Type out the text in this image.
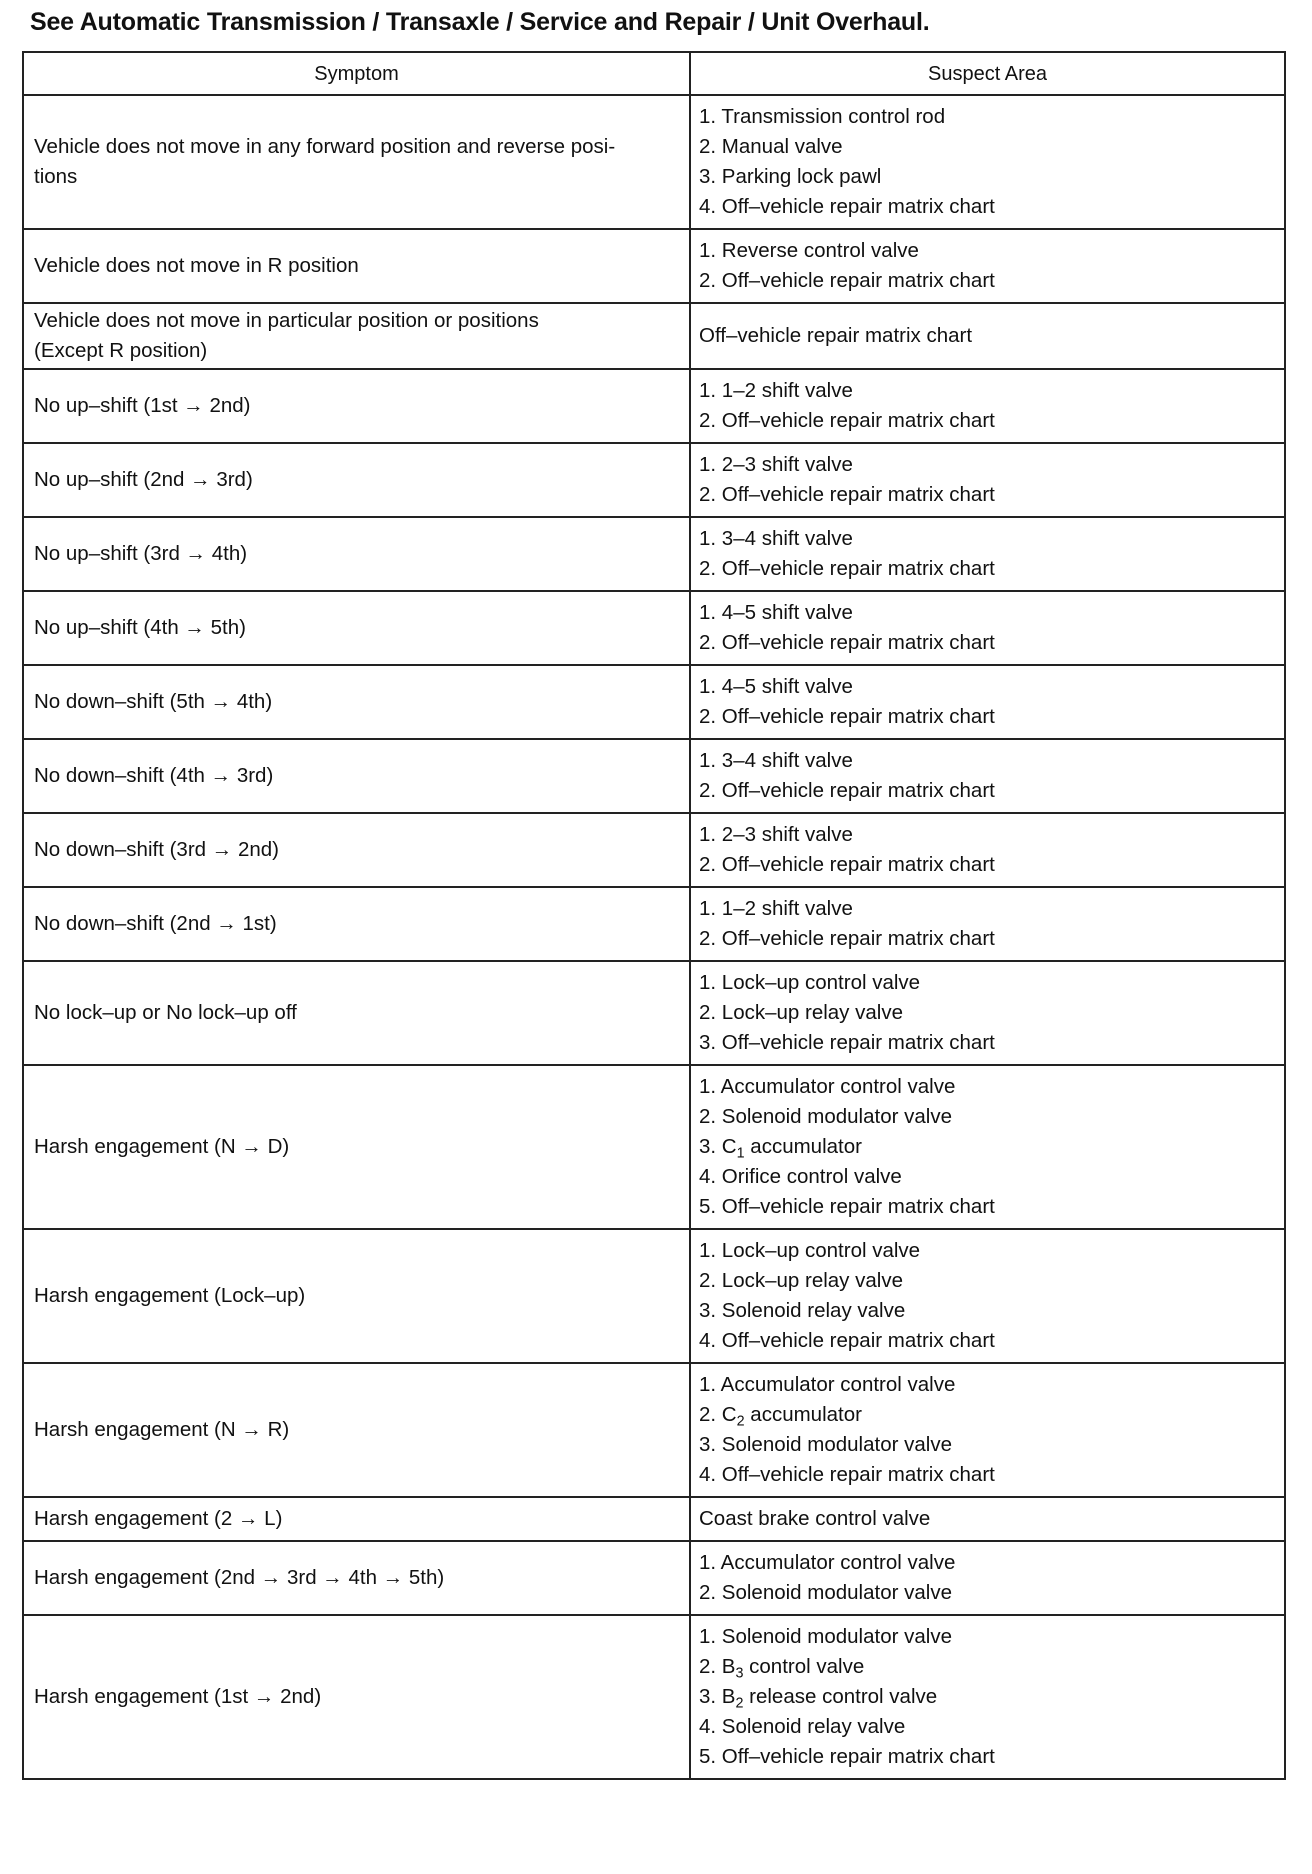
See Automatic Transmission / Transaxle / Service and Repair / Unit Overhaul.
Symptom	Suspect Area

Vehicle does not move in any forward position and reverse posi-
tions	1. Transmission control rod
2. Manual valve
3. Parking lock pawl
4. Off–vehicle repair matrix chart

Vehicle does not move in R position	1. Reverse control valve
2. Off–vehicle repair matrix chart

Vehicle does not move in particular position or positions
(Except R position)	Off–vehicle repair matrix chart

No up–shift (1st → 2nd)	1. 1–2 shift valve
2. Off–vehicle repair matrix chart

No up–shift (2nd → 3rd)	1. 2–3 shift valve
2. Off–vehicle repair matrix chart

No up–shift (3rd → 4th)	1. 3–4 shift valve
2. Off–vehicle repair matrix chart

No up–shift (4th → 5th)	1. 4–5 shift valve
2. Off–vehicle repair matrix chart

No down–shift (5th → 4th)	1. 4–5 shift valve
2. Off–vehicle repair matrix chart

No down–shift (4th → 3rd)	1. 3–4 shift valve
2. Off–vehicle repair matrix chart

No down–shift (3rd → 2nd)	1. 2–3 shift valve
2. Off–vehicle repair matrix chart

No down–shift (2nd → 1st)	1. 1–2 shift valve
2. Off–vehicle repair matrix chart

No lock–up or No lock–up off	1. Lock–up control valve
2. Lock–up relay valve
3. Off–vehicle repair matrix chart

Harsh engagement (N → D)	1. Accumulator control valve
2. Solenoid modulator valve
3. $C_1$ accumulator
4. Orifice control valve
5. Off–vehicle repair matrix chart

Harsh engagement (Lock–up)	1. Lock–up control valve
2. Lock–up relay valve
3. Solenoid relay valve
4. Off–vehicle repair matrix chart

Harsh engagement (N → R)	1. Accumulator control valve
2. $C_2$ accumulator
3. Solenoid modulator valve
4. Off–vehicle repair matrix chart

Harsh engagement (2 → L)	Coast brake control valve

Harsh engagement (2nd → 3rd → 4th → 5th)	1. Accumulator control valve
2. Solenoid modulator valve

Harsh engagement (1st → 2nd)	1. Solenoid modulator valve
2. $B_3$ control valve
3. $B_2$ release control valve
4. Solenoid relay valve
5. Off–vehicle repair matrix chart
